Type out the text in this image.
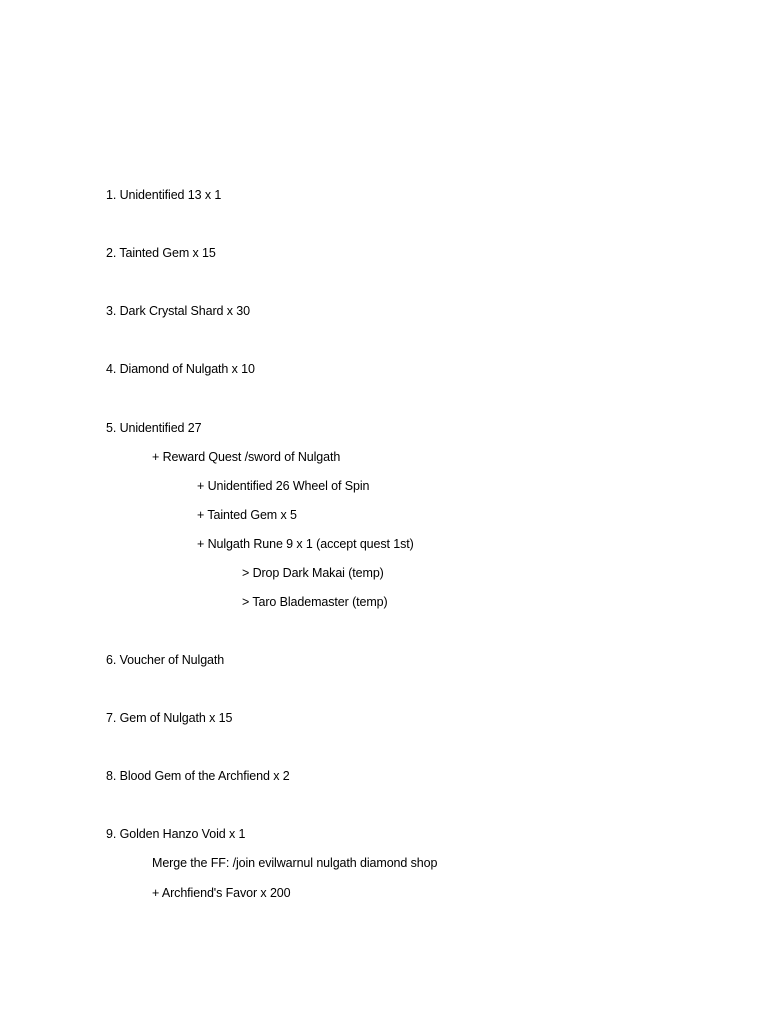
1. Unidentified 13 x 1
2. Tainted Gem x 15
3. Dark Crystal Shard x 30
4. Diamond of Nulgath x 10
5. Unidentified 27
+ Reward Quest /sword of Nulgath
+ Unidentified 26 Wheel of Spin
+ Tainted Gem x 5
+ Nulgath Rune 9 x 1 (accept quest 1st)
> Drop Dark Makai (temp)
> Taro Blademaster (temp)
6. Voucher of Nulgath
7. Gem of Nulgath x 15
8. Blood Gem of the Archfiend x 2
9. Golden Hanzo Void x 1
Merge the FF: /join evilwarnul nulgath diamond shop
+ Archfiend's Favor x 200
